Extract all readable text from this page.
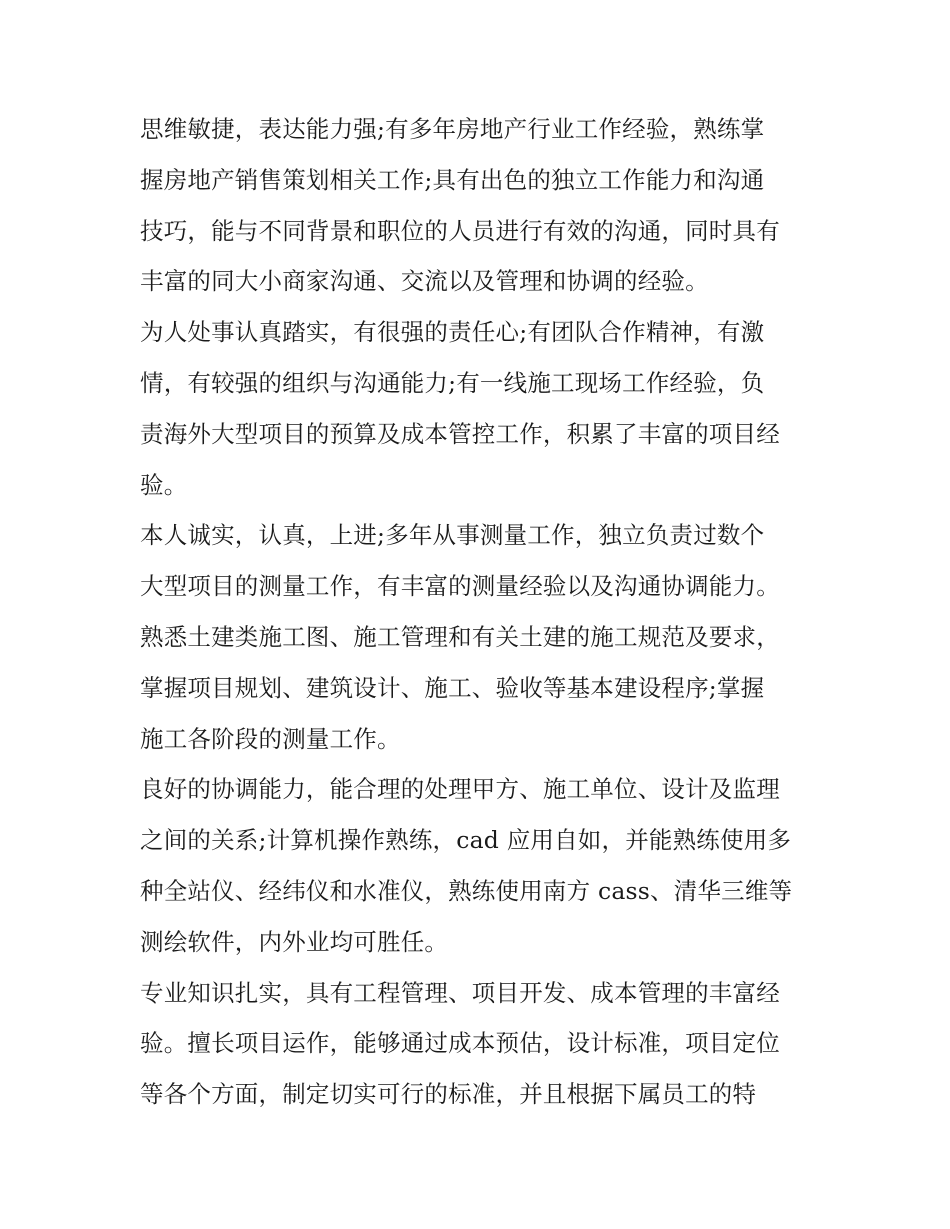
思维敏捷，表达能力强;有多年房地产行业工作经验，熟练掌
握房地产销售策划相关工作;具有出色的独立工作能力和沟通
技巧，能与不同背景和职位的人员进行有效的沟通，同时具有
丰富的同大小商家沟通、交流以及管理和协调的经验。
为人处事认真踏实，有很强的责任心;有团队合作精神，有激
情，有较强的组织与沟通能力;有一线施工现场工作经验，负
责海外大型项目的预算及成本管控工作，积累了丰富的项目经
验。
本人诚实，认真，上进;多年从事测量工作，独立负责过数个
大型项目的测量工作，有丰富的测量经验以及沟通协调能力。
熟悉土建类施工图、施工管理和有关土建的施工规范及要求，
掌握项目规划、建筑设计、施工、验收等基本建设程序;掌握
施工各阶段的测量工作。
良好的协调能力，能合理的处理甲方、施工单位、设计及监理
之间的关系;计算机操作熟练，cad 应用自如，并能熟练使用多
种全站仪、经纬仪和水准仪，熟练使用南方 cass、清华三维等
测绘软件，内外业均可胜任。
专业知识扎实，具有工程管理、项目开发、成本管理的丰富经
验。擅长项目运作，能够通过成本预估，设计标准，项目定位
等各个方面，制定切实可行的标准，并且根据下属员工的特
